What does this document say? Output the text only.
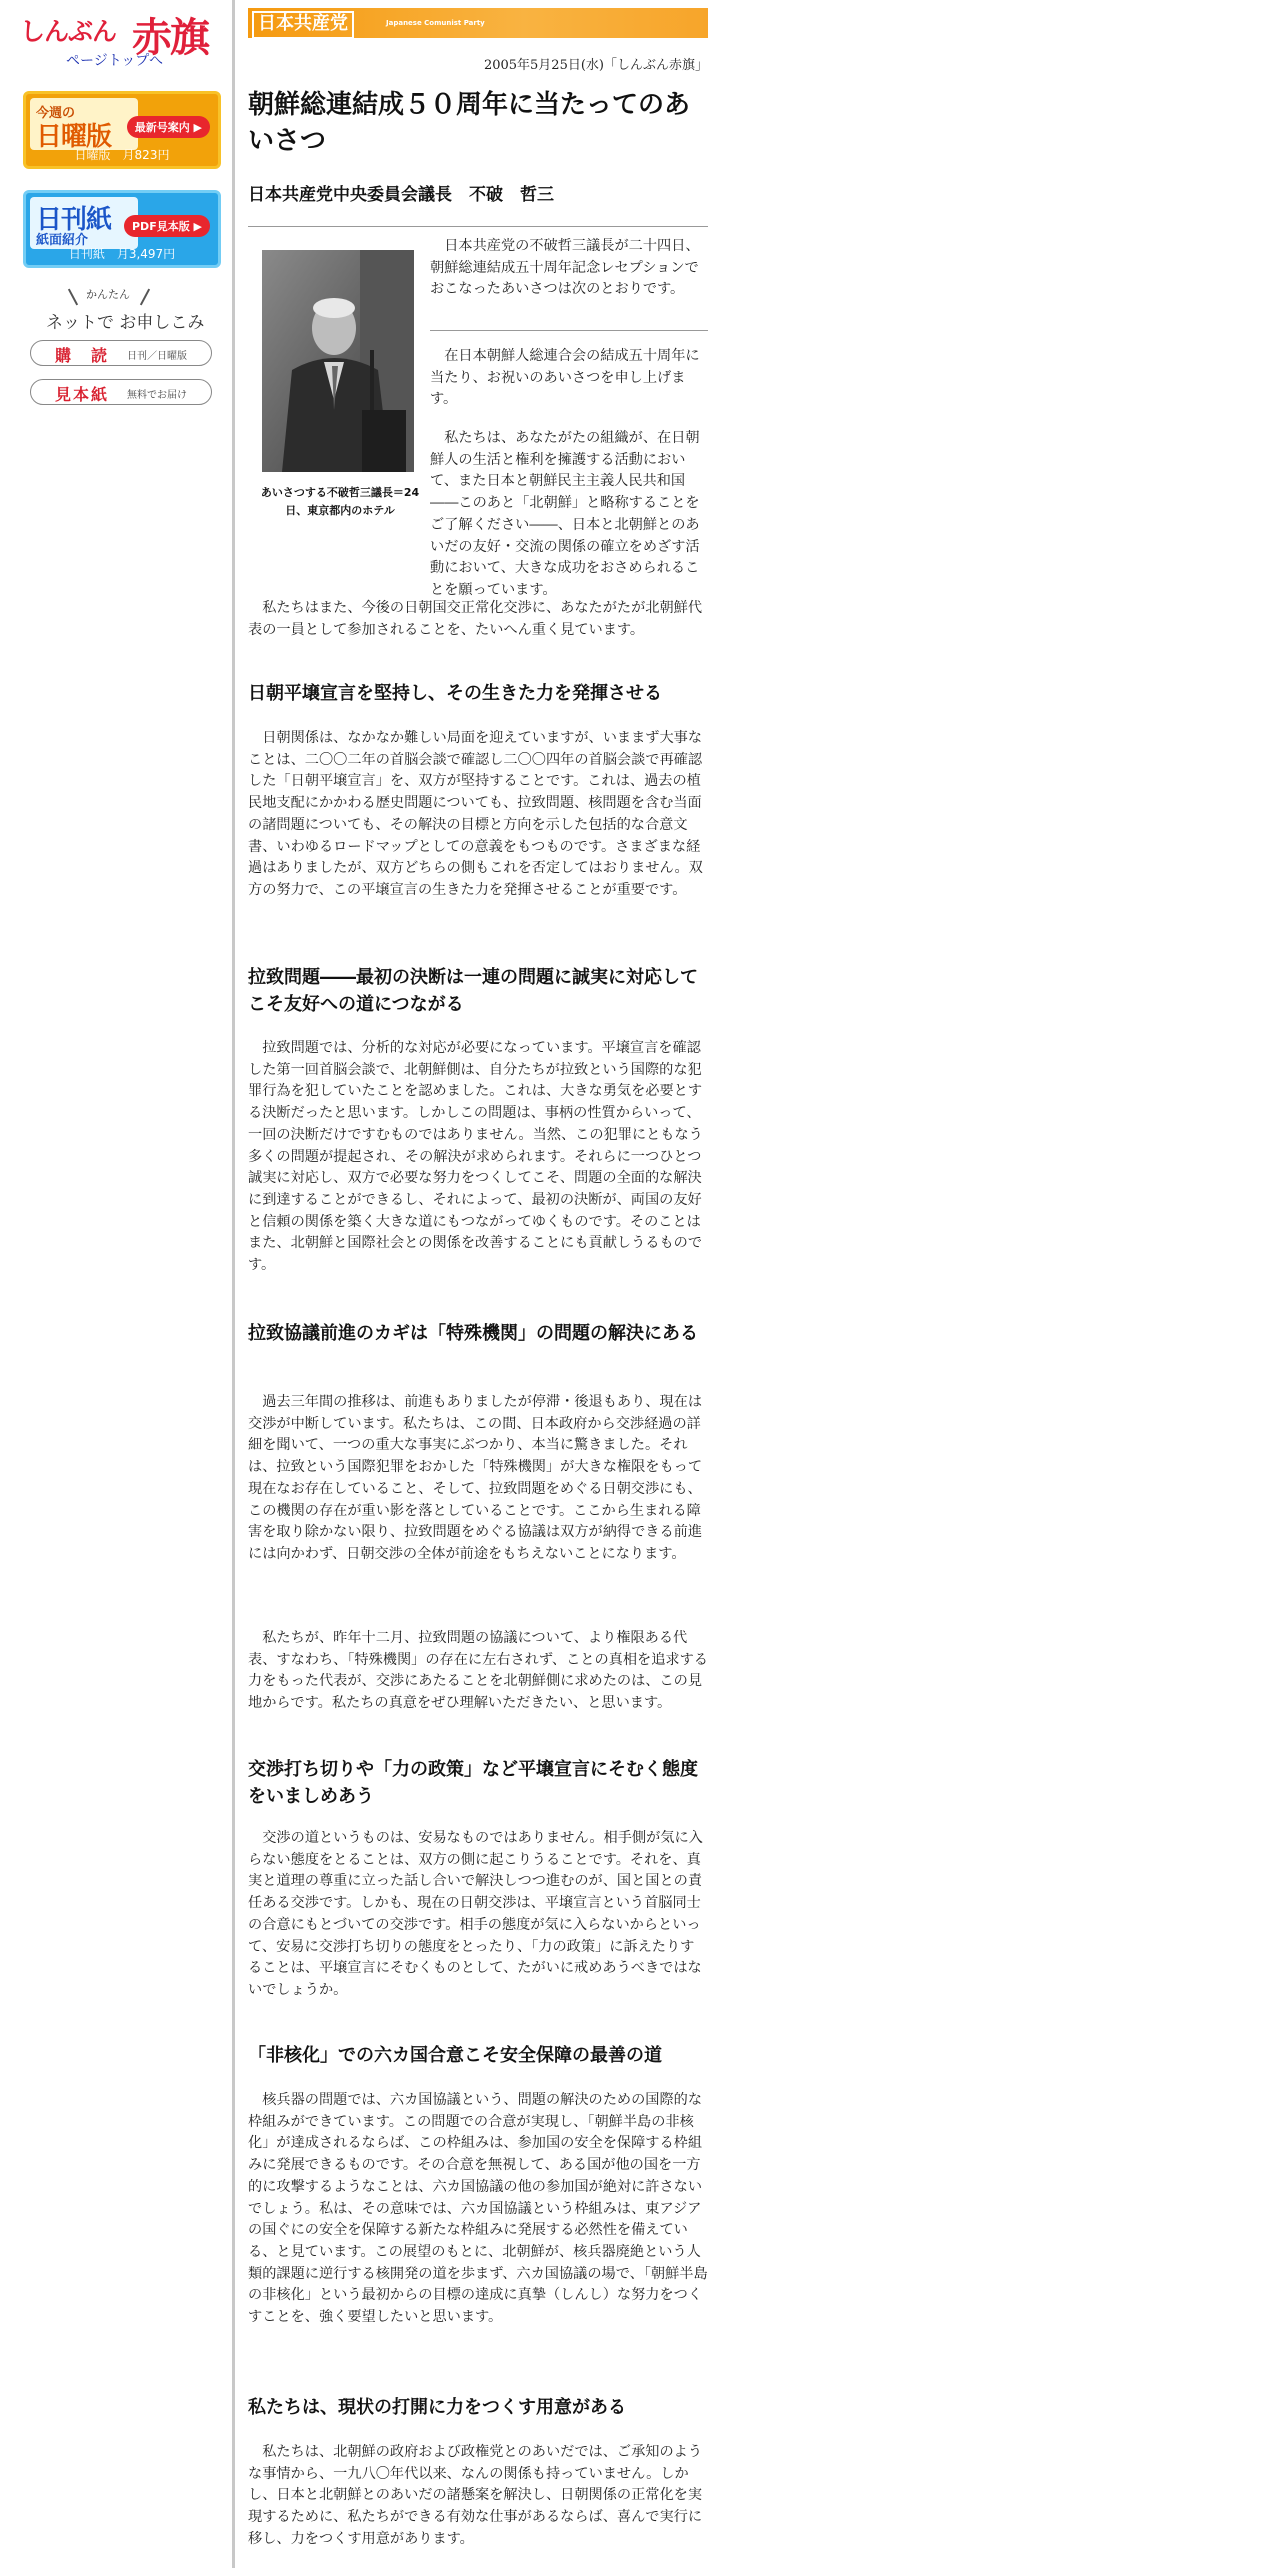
しんぶん 赤旗
ページトップへ
今週の
日曜版	最新号案内 ▶
日曜版　月823円
日刊紙
紙面紹介
PDF見本版 ▶
日刊紙　月3,497円
かんたん
ネットで お申しこみ
購　読 日刊／日曜版
見本紙 無料でお届け
日本共産党	Japanese Comunist Party
2005年5月25日(水)「しんぶん赤旗」
朝鮮総連結成５０周年に当たってのあいさつ

日本共産党中央委員会議長　不破　哲三

あいさつする不破哲三議長＝24日、東京都内のホテル

日本共産党の不破哲三議長が二十四日、朝鮮総連結成五十周年記念レセプションでおこなったあいさつは次のとおりです。

在日本朝鮮人総連合会の結成五十周年に当たり、お祝いのあいさつを申し上げます。

私たちは、あなたがたの組織が、在日朝鮮人の生活と権利を擁護する活動において、また日本と朝鮮民主主義人民共和国――このあと「北朝鮮」と略称することをご了解ください――、日本と北朝鮮とのあいだの友好・交流の関係の確立をめざす活動において、大きな成功をおさめられることを願っています。

私たちはまた、今後の日朝国交正常化交渉に、あなたがたが北朝鮮代表の一員として参加されることを、たいへん重く見ています。

日朝平壌宣言を堅持し、その生きた力を発揮させる

日朝関係は、なかなか難しい局面を迎えていますが、いままず大事なことは、二〇〇二年の首脳会談で確認し二〇〇四年の首脳会談で再確認した「日朝平壌宣言」を、双方が堅持することです。これは、過去の植民地支配にかかわる歴史問題についても、拉致問題、核問題を含む当面の諸問題についても、その解決の目標と方向を示した包括的な合意文書、いわゆるロードマップとしての意義をもつものです。さまざまな経過はありましたが、双方どちらの側もこれを否定してはおりません。双方の努力で、この平壌宣言の生きた力を発揮させることが重要です。

拉致問題――最初の決断は一連の問題に誠実に対応してこそ友好への道につながる

拉致問題では、分析的な対応が必要になっています。平壌宣言を確認した第一回首脳会談で、北朝鮮側は、自分たちが拉致という国際的な犯罪行為を犯していたことを認めました。これは、大きな勇気を必要とする決断だったと思います。しかしこの問題は、事柄の性質からいって、一回の決断だけですむものではありません。当然、この犯罪にともなう多くの問題が提起され、その解決が求められます。それらに一つひとつ誠実に対応し、双方で必要な努力をつくしてこそ、問題の全面的な解決に到達することができるし、それによって、最初の決断が、両国の友好と信頼の関係を築く大きな道にもつながってゆくものです。そのことはまた、北朝鮮と国際社会との関係を改善することにも貢献しうるものです。

拉致協議前進のカギは「特殊機関」の問題の解決にある

過去三年間の推移は、前進もありましたが停滞・後退もあり、現在は交渉が中断しています。私たちは、この間、日本政府から交渉経過の詳細を聞いて、一つの重大な事実にぶつかり、本当に驚きました。それは、拉致という国際犯罪をおかした「特殊機関」が大きな権限をもって現在なお存在していること、そして、拉致問題をめぐる日朝交渉にも、この機関の存在が重い影を落としていることです。ここから生まれる障害を取り除かない限り、拉致問題をめぐる協議は双方が納得できる前進には向かわず、日朝交渉の全体が前途をもちえないことになります。

私たちが、昨年十二月、拉致問題の協議について、より権限ある代表、すなわち、「特殊機関」の存在に左右されず、ことの真相を追求する力をもった代表が、交渉にあたることを北朝鮮側に求めたのは、この見地からです。私たちの真意をぜひ理解いただきたい、と思います。

交渉打ち切りや「力の政策」など平壌宣言にそむく態度をいましめあう

交渉の道というものは、安易なものではありません。相手側が気に入らない態度をとることは、双方の側に起こりうることです。それを、真実と道理の尊重に立った話し合いで解決しつつ進むのが、国と国との責任ある交渉です。しかも、現在の日朝交渉は、平壌宣言という首脳同士の合意にもとづいての交渉です。相手の態度が気に入らないからといって、安易に交渉打ち切りの態度をとったり、「力の政策」に訴えたりすることは、平壌宣言にそむくものとして、たがいに戒めあうべきではないでしょうか。

「非核化」での六カ国合意こそ安全保障の最善の道

核兵器の問題では、六カ国協議という、問題の解決のための国際的な枠組みができています。この問題での合意が実現し、「朝鮮半島の非核化」が達成されるならば、この枠組みは、参加国の安全を保障する枠組みに発展できるものです。その合意を無視して、ある国が他の国を一方的に攻撃するようなことは、六カ国協議の他の参加国が絶対に許さないでしょう。私は、その意味では、六カ国協議という枠組みは、東アジアの国ぐにの安全を保障する新たな枠組みに発展する必然性を備えている、と見ています。この展望のもとに、北朝鮮が、核兵器廃絶という人類的課題に逆行する核開発の道を歩まず、六カ国協議の場で、「朝鮮半島の非核化」という最初からの目標の達成に真摯（しんし）な努力をつくすことを、強く要望したいと思います。

私たちは、現状の打開に力をつくす用意がある

私たちは、北朝鮮の政府および政権党とのあいだでは、ご承知のような事情から、一九八〇年代以来、なんの関係も持っていません。しかし、日本と北朝鮮とのあいだの諸懸案を解決し、日朝関係の正常化を実現するために、私たちができる有効な仕事があるならば、喜んで実行に移し、力をつくす用意があります。
